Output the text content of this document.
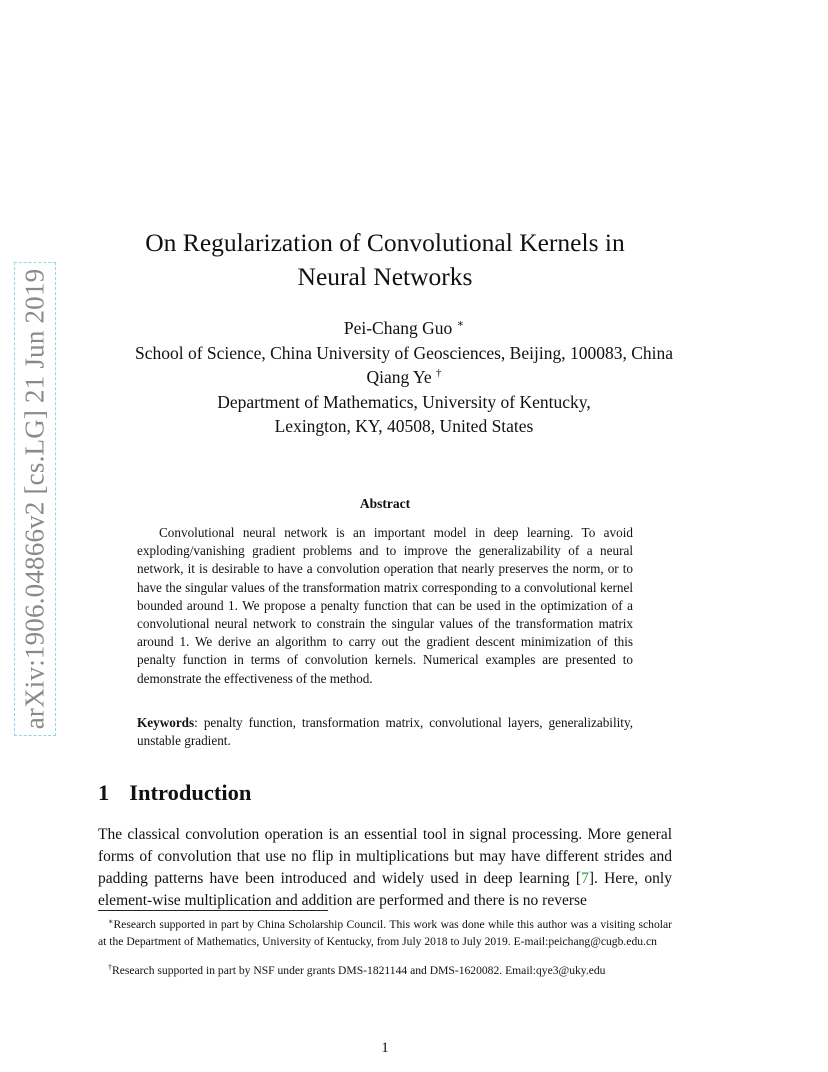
arXiv:1906.04866v2 [cs.LG] 21 Jun 2019
On Regularization of Convolutional Kernels in
Neural Networks
Pei-Chang Guo ∗
School of Science, China University of Geosciences, Beijing, 100083, China
Qiang Ye †
Department of Mathematics, University of Kentucky,
Lexington, KY, 40508, United States
Abstract

Convolutional neural network is an important model in deep learning. To avoid exploding/vanishing gradient problems and to improve the generalizability of a neural network, it is desirable to have a convolution operation that nearly preserves the norm, or to have the singular values of the transformation matrix corresponding to a convolutional kernel bounded around 1. We propose a penalty function that can be used in the optimization of a convolutional neural network to constrain the singular values of the transformation matrix around 1. We derive an algorithm to carry out the gradient descent minimization of this penalty function in terms of convolution kernels. Numerical examples are presented to demonstrate the effectiveness of the method.

Keywords: penalty function, transformation matrix, convolutional layers, generalizability, unstable gradient.

1 Introduction

The classical convolution operation is an essential tool in signal processing. More general forms of convolution that use no flip in multiplications but may have different strides and padding patterns have been introduced and widely used in deep learning [ 7 ] . Here, only element-wise multiplication and addition are performed and there is no reverse

∗Research supported in part by China Scholarship Council. This work was done while this author was a visiting scholar at the Department of Mathematics, University of Kentucky, from July 2018 to July 2019. E-mail:peichang@cugb.edu.cn

†Research supported in part by NSF under grants DMS-1821144 and DMS-1620082. Email:qye3@uky.edu

1
